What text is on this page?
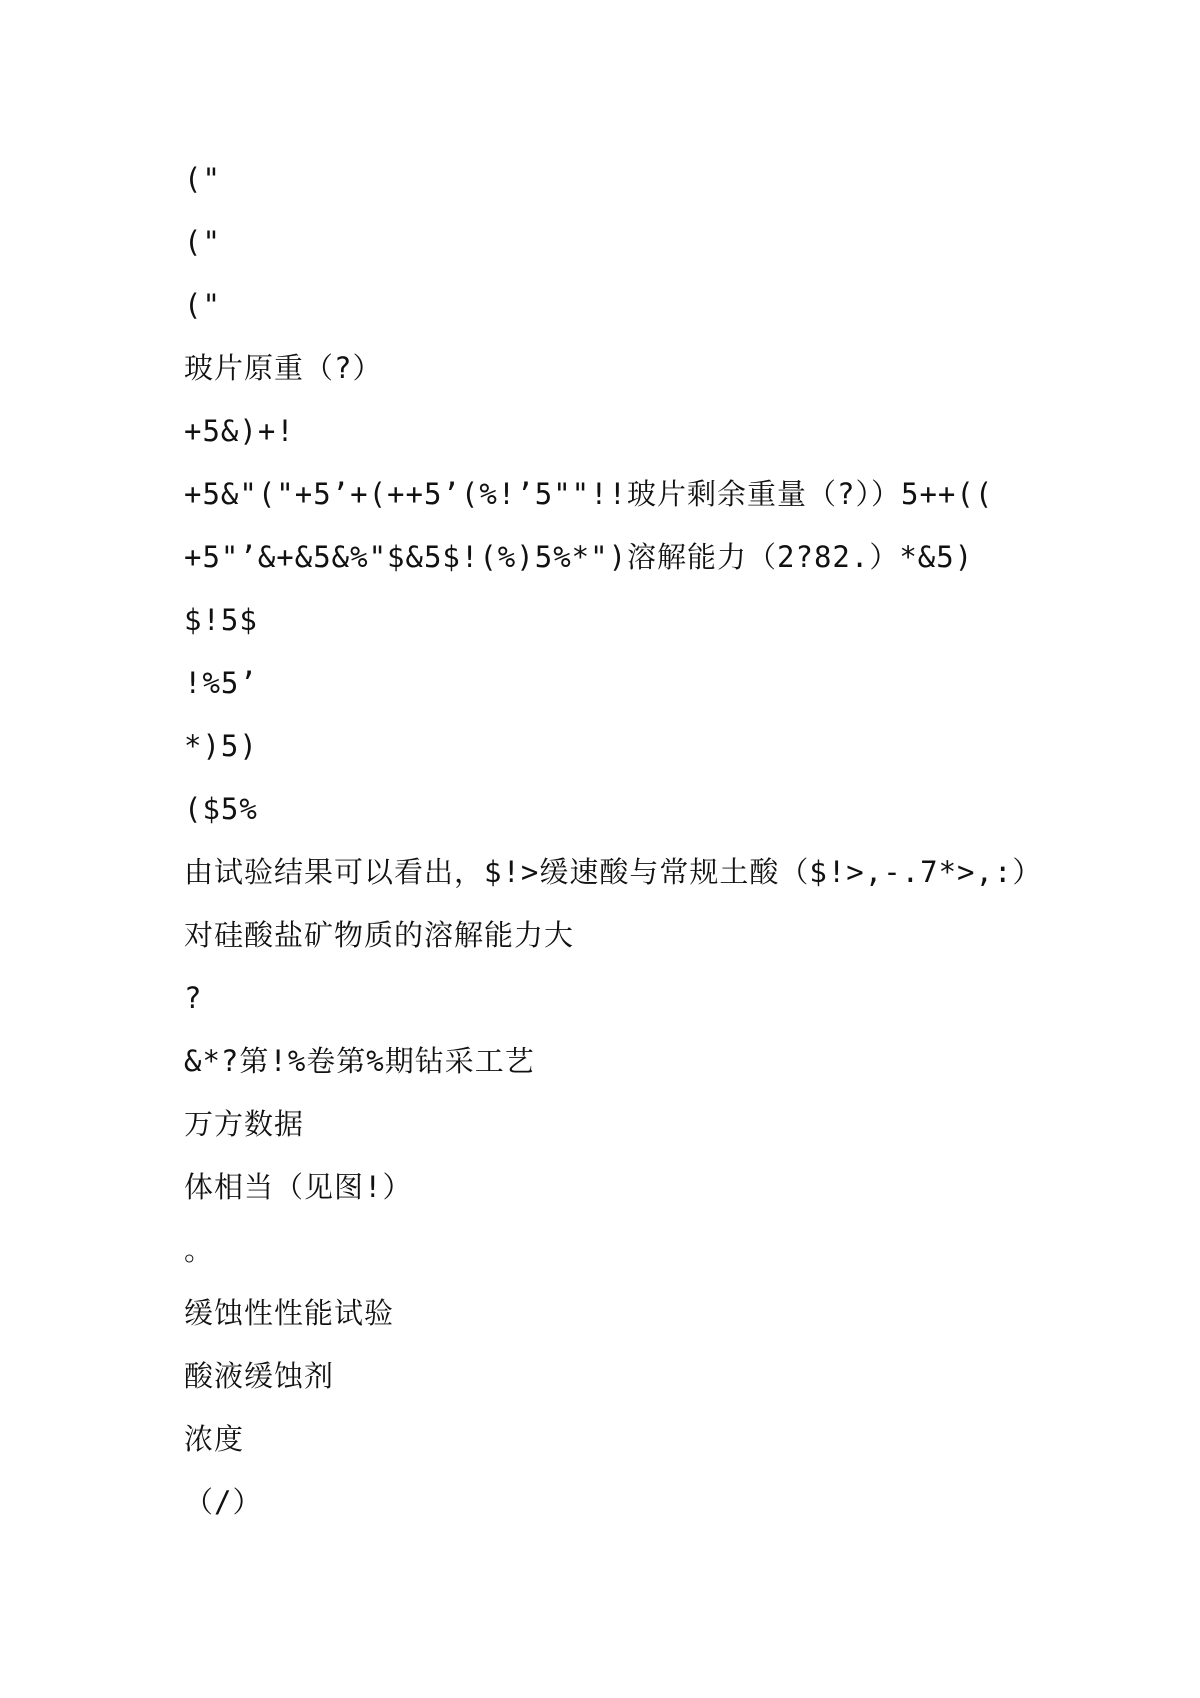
("
("
("
玻片原重（?）
+5&)+!
+5&"("+5’+(++5’(%!’5""!!玻片剩余重量（?））5++((
+5"’&+&5&%"$&5$!(%)5%*")溶解能力（2?82.）*&5)
$!5$
!%5’
*)5)
($5%
由试验结果可以看出，$!>缓速酸与常规土酸（$!>,-.7*>,:）
对硅酸盐矿物质的溶解能力大
?
&*?第!%卷第%期钻采工艺
万方数据
体相当（见图!）
。
缓蚀性性能试验
酸液缓蚀剂
浓度
（/）
